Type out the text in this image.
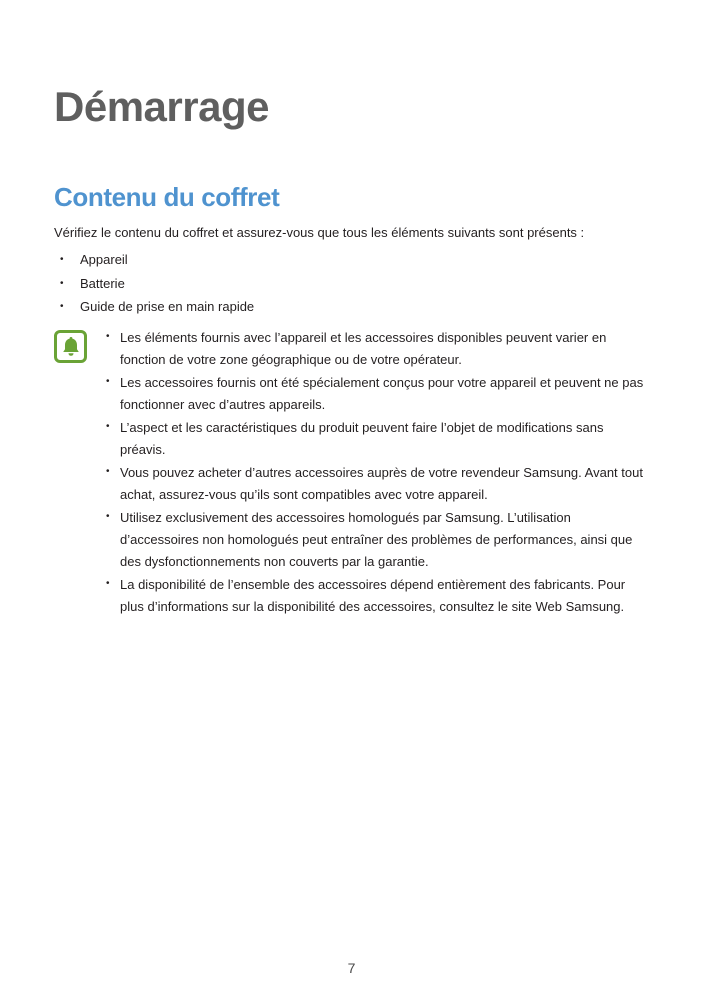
Démarrage
Contenu du coffret

Vérifiez le contenu du coffret et assurez-vous que tous les éléments suivants sont présents :

• Appareil
• Batterie
• Guide de prise en main rapide
• Les éléments fournis avec l’appareil et les accessoires disponibles peuvent varier en fonction de votre zone géographique ou de votre opérateur.
• Les accessoires fournis ont été spécialement conçus pour votre appareil et peuvent ne pas fonctionner avec d’autres appareils.
• L’aspect et les caractéristiques du produit peuvent faire l’objet de modifications sans préavis.
• Vous pouvez acheter d’autres accessoires auprès de votre revendeur Samsung. Avant tout achat, assurez-vous qu’ils sont compatibles avec votre appareil.
• Utilisez exclusivement des accessoires homologués par Samsung. L’utilisation d’accessoires non homologués peut entraîner des problèmes de performances, ainsi que des dysfonctionnements non couverts par la garantie.
• La disponibilité de l’ensemble des accessoires dépend entièrement des fabricants. Pour plus d’informations sur la disponibilité des accessoires, consultez le site Web Samsung.
7
